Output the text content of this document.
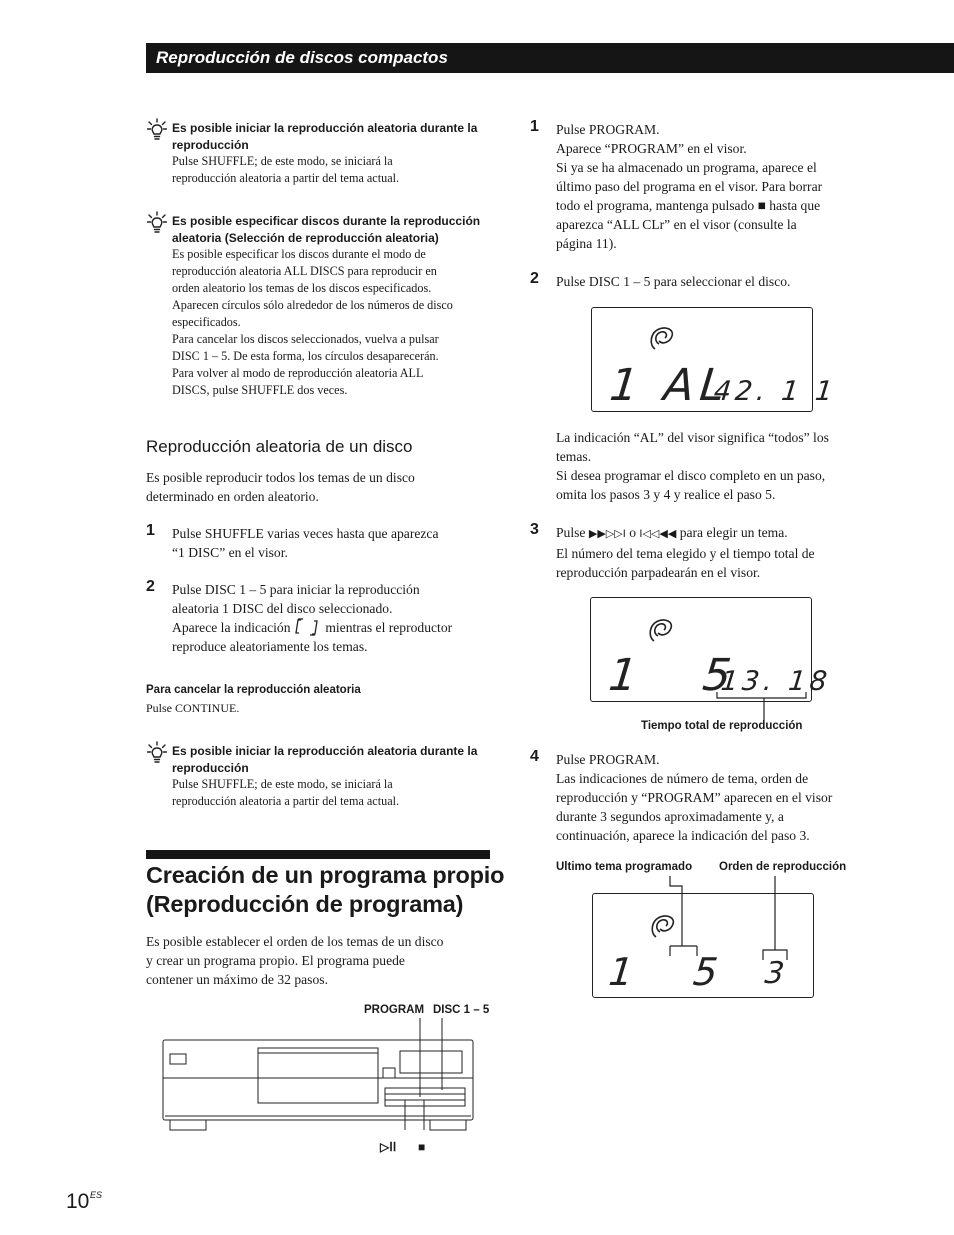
Reproducción de discos compactos
Es posible iniciar la reproducción aleatoria durante la reproducción

Pulse SHUFFLE; de este modo, se iniciará la

reproducción aleatoria a partir del tema actual.

Es posible especificar discos durante la reproducción aleatoria (Selección de reproducción aleatoria)

Es posible especificar los discos durante el modo de

reproducción aleatoria ALL DISCS para reproducir en

orden aleatorio los temas de los discos especificados.

Aparecen círculos sólo alrededor de los números de disco

especificados.

Para cancelar los discos seleccionados, vuelva a pulsar

DISC 1 – 5. De esta forma, los círculos desaparecerán.

Para volver al modo de reproducción aleatoria ALL

DISCS, pulse SHUFFLE dos veces.

Reproducción aleatoria de un disco

Es posible reproducir todos los temas de un disco

determinado en orden aleatorio.

1 Pulse SHUFFLE varias veces hasta que aparezca

“1 DISC” en el visor.

2 Pulse DISC 1 – 5 para iniciar la reproducción

aleatoria 1 DISC del disco seleccionado.

Aparece la indicación	mientras el reproductor

reproduce aleatoriamente los temas.

Para cancelar la reproducción aleatoria
Pulse CONTINUE.
Es posible iniciar la reproducción aleatoria durante la reproducción

Pulse SHUFFLE; de este modo, se iniciará la

reproducción aleatoria a partir del tema actual.

Creación de un programa propio
(Reproducción de programa)

Es posible establecer el orden de los temas de un disco

y crear un programa propio. El programa puede

contener un máximo de 32 pasos.

PROGRAM DISC 1 – 5
▷ⅠⅠ ■
1 Pulse PROGRAM.

Aparece “PROGRAM” en el visor.

Si ya se ha almacenado un programa, aparece el

último paso del programa en el visor. Para borrar

todo el programa, mantenga pulsado ■ hasta que

aparezca “ALL CLr” en el visor (consulte la

página 11).

2 Pulse DISC 1 – 5 para seleccionar el disco.

1 AL
42. 1 1

La indicación “AL” del visor significa “todos” los

temas.

Si desea programar el disco completo en un paso,

omita los pasos 3 y 4 y realice el paso 5.

3 Pulse ▶▶▷▷I o I◁◁◀◀ para elegir un tema.

El número del tema elegido y el tiempo total de

reproducción parpadearán en el visor.

1   5
13. 18
Tiempo total de reproducción
4 Pulse PROGRAM.

Las indicaciones de número de tema, orden de

reproducción y “PROGRAM” aparecen en el visor

durante 3 segundos aproximadamente y, a

continuación, aparece la indicación del paso 3.

Ultimo tema programado Orden de reproducción
1   5 3
10 ES
